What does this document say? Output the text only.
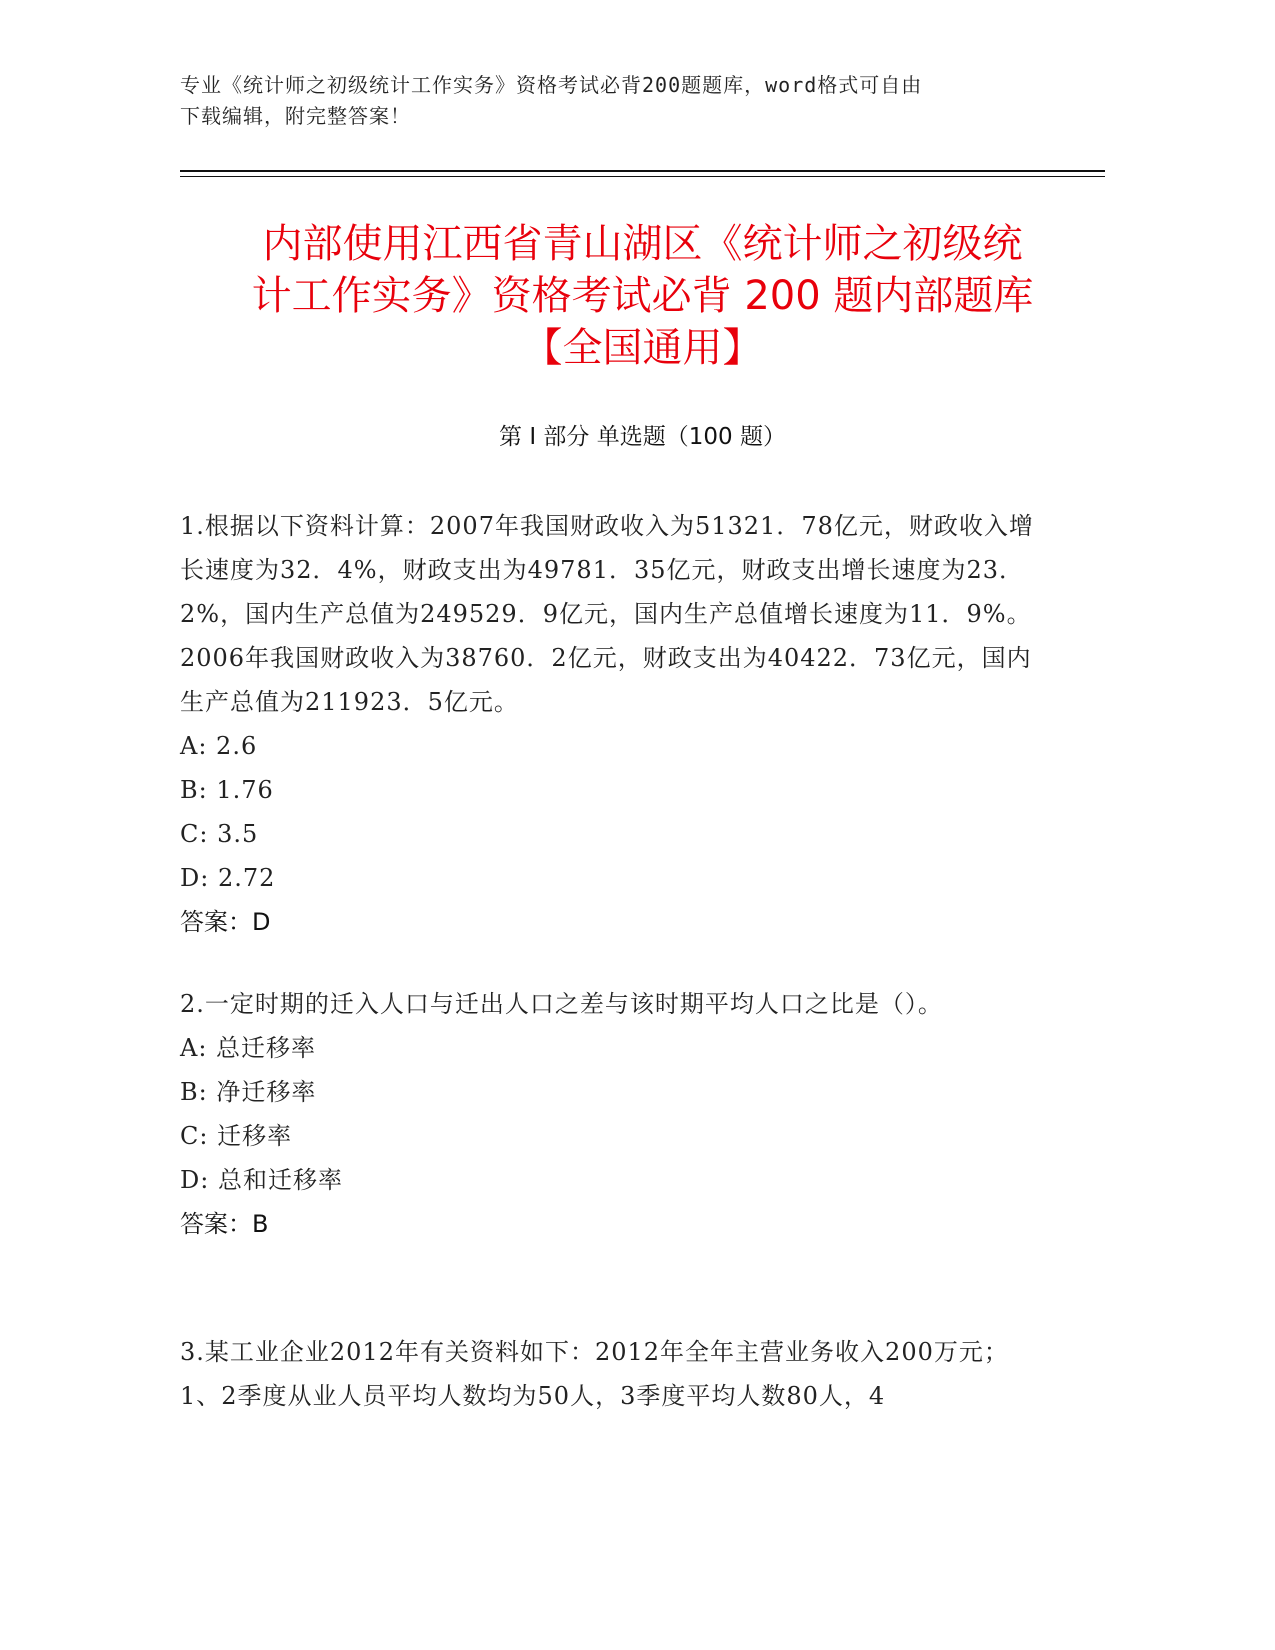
专业《统计师之初级统计工作实务》资格考试必背200题题库，word格式可自由
下载编辑，附完整答案！
内部使用江西省青山湖区《统计师之初级统
计工作实务》资格考试必背 200 题内部题库
【全国通用】
第 I 部分 单选题（100 题）
1.根据以下资料计算：2007年我国财政收入为51321．78亿元，财政收入增长速度为32．4%，财政支出为49781．35亿元，财政支出增长速度为23．2%，国内生产总值为249529．9亿元，国内生产总值增长速度为11．9%。2006年我国财政收入为38760．2亿元，财政支出为40422．73亿元，国内生产总值为211923．5亿元。
A: 2.6
B: 1.76
C: 3.5
D: 2.72
答案：D
2.一定时期的迁入人口与迁出人口之差与该时期平均人口之比是（）。
A: 总迁移率
B: 净迁移率
C: 迁移率
D: 总和迁移率
答案：B
3.某工业企业2012年有关资料如下：2012年全年主营业务收入200万元；1、2季度从业人员平均人数均为50人，3季度平均人数80人，4
